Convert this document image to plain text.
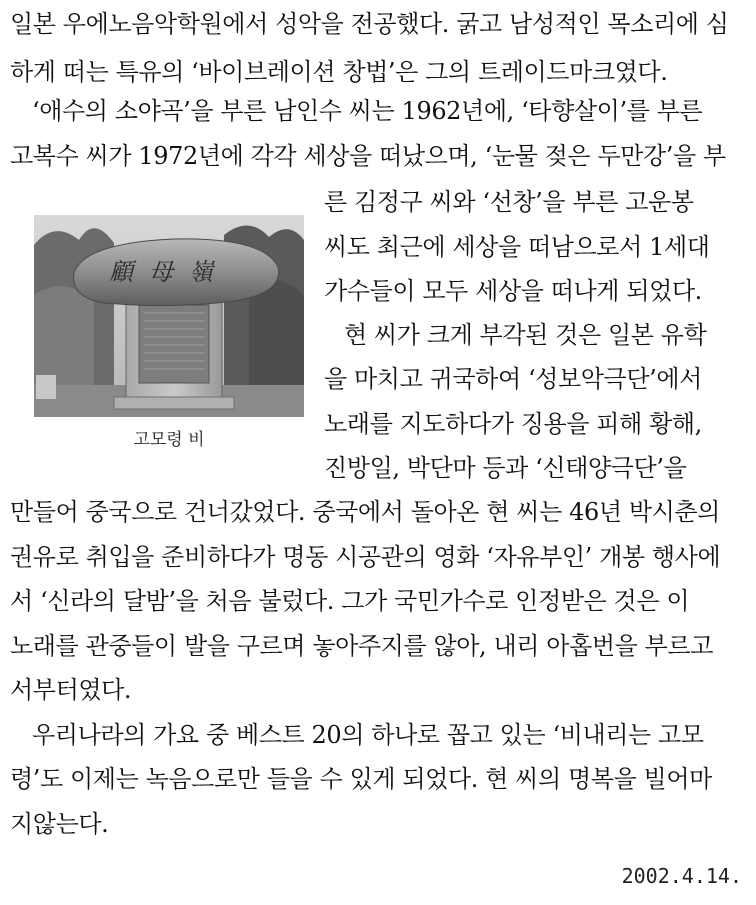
일본 우에노음악학원에서 성악을 전공했다. 굵고 남성적인 목소리에 심
하게 떠는 특유의 ‘바이브레이션 창법’은 그의 트레이드마크였다.
‘애수의 소야곡’을 부른 남인수 씨는 1962년에, ‘타향살이’를 부른
고복수 씨가 1972년에 각각 세상을 떠났으며, ‘눈물 젖은 두만강’을 부
른 김정구 씨와 ‘선창’을 부른 고운봉
씨도 최근에 세상을 떠남으로서 1세대
가수들이 모두 세상을 떠나게 되었다.
현 씨가 크게 부각된 것은 일본 유학
을 마치고 귀국하여 ‘성보악극단’에서
노래를 지도하다가 징용을 피해 황해,
진방일, 박단마 등과 ‘신태양극단’을
만들어 중국으로 건너갔었다. 중국에서 돌아온 현 씨는 46년 박시춘의
권유로 취입을 준비하다가 명동 시공관의 영화 ‘자유부인’ 개봉 행사에
서 ‘신라의 달밤’을 처음 불렀다. 그가 국민가수로 인정받은 것은 이
노래를 관중들이 발을 구르며 놓아주지를 않아, 내리 아홉번을 부르고
서부터였다.
우리나라의 가요 중 베스트 20의 하나로 꼽고 있는 ‘비내리는 고모
령’도 이제는 녹음으로만 들을 수 있게 되었다. 현 씨의 명복을 빌어마
지않는다.
顧母嶺
고모령 비
2002.4.14.
